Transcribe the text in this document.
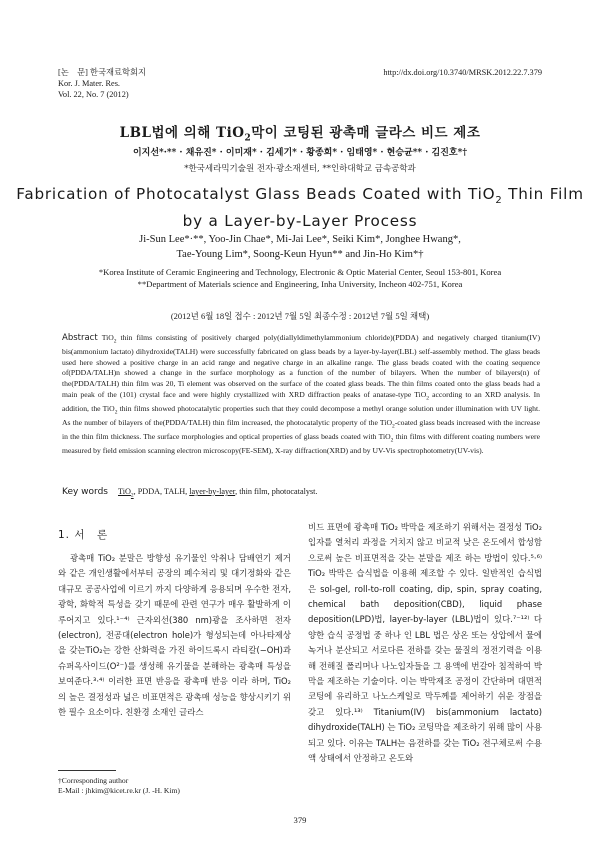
[논　문] 한국재료학회지
Kor. J. Mater. Res.
Vol. 22, No. 7 (2012)
http://dx.doi.org/10.3740/MRSK.2012.22.7.379
LBL법에 의해 TiO$_2$막이 코팅된 광촉매 글라스 비드 제조
이지선*·** · 채유진* · 이미재* · 김세기* · 황종희* · 임태영* · 현승균** · 김진호*†
*한국세라믹기술원 전자·광소재센터, **인하대학교 금속공학과
Fabrication of Photocatalyst Glass Beads Coated with TiO$_2$ Thin Film
by a Layer-by-Layer Process
Ji-Sun Lee*·**, Yoo-Jin Chae*, Mi-Jai Lee*, Seiki Kim*, Jonghee Hwang*,
Tae-Young Lim*, Soong-Keun Hyun** and Jin-Ho Kim*†
*Korea Institute of Ceramic Engineering and Technology, Electronic & Optic Material Center, Seoul 153-801, Korea
**Department of Materials science and Engineering, Inha University, Incheon 402-751, Korea
(2012년 6월 18일 접수 : 2012년 7월 5일 최종수정 : 2012년 7월 5일 채택)
Abstract TiO$_2$ thin films consisting of positively charged poly(diallyldimethylammonium chloride)(PDDA) and negatively charged titanium(IV) bis(ammonium lactato) dihydroxide(TALH) were successfully fabricated on glass beads by a layer-by-layer(LBL) self-assembly method. The glass beads used here showed a positive charge in an acid range and negative charge in an alkaline range. The glass beads coated with the coating sequence of(PDDA/TALH)n showed a change in the surface morphology as a function of the number of bilayers. When the number of bilayers(n) of the(PDDA/TALH) thin film was 20, Ti element was observed on the surface of the coated glass beads. The thin films coated onto the glass beads had a main peak of the (101) crystal face and were highly crystallized with XRD diffraction peaks of anatase-type TiO$_2$ according to an XRD analysis. In addition, the TiO$_2$ thin films showed photocatalytic properties such that they could decompose a methyl orange solution under illumination with UV light. As the number of bilayers of the(PDDA/TALH) thin film increased, the photocatalytic property of the TiO$_2$-coated glass beads increased with the increase in the thin film thickness. The surface morphologies and optical properties of glass beads coated with TiO$_2$ thin films with different coating numbers were measured by field emission scanning electron microscopy(FE-SEM), X-ray diffraction(XRD) and by UV-Vis spectrophotometry(UV-vis).
Key words TiO$_2$, PDDA, TALH, layer-by-layer, thin film, photocatalyst.
1. 서　론

광촉매 TiO₂ 분말은 방향성 유기물인 악취나 담배연기 제거와 같은 개인생활에서부터 공장의 폐수처리 및 대기정화와 같은 대규모 공공사업에 이르기 까지 다양하게 응용되며 우수한 전자, 광학, 화학적 특성을 갖기 때문에 관련 연구가 매우 활발하게 이루어지고 있다.¹⁻⁴⁾ 근자외선(380 nm)광을 조사하면 전자(electron), 전공대(electron hole)가 형성되는데 아나타제상을 갖는TiO₂는 강한 산화력을 가진 하이드록시 라티칼(−OH)과 슈퍼옥사이드(O²⁻)를 생성해 유기물을 분해하는 광촉매 특성을 보여준다.³·⁴⁾ 이러한 표면 반응을 광촉매 반응 이라 하며, TiO₂의 높은 결정성과 넓은 비표면적은 광촉매 성능을 향상시키기 위한 필수 요소이다. 친환경 소재인 글라스

비드 표면에 광촉매 TiO₂ 박막을 제조하기 위해서는 결정성 TiO₂ 입자를 열처리 과정을 거치지 않고 비교적 낮은 온도에서 합성함으로써 높은 비표면적을 갖는 분말을 제조 하는 방법이 있다.⁵·⁶⁾ TiO₂ 박막은 습식법을 이용해 제조할 수 있다. 일반적인 습식법은 sol-gel, roll-to-roll coating, dip, spin, spray coating, chemical bath deposition(CBD), liquid phase deposition(LPD)법, layer-by-layer (LBL)법이 있다.⁷⁻¹²⁾ 다양한 습식 공정법 중 하나 인 LBL 법은 상온 또는 상압에서 물에 녹거나 분산되고 서로다른 전하를 갖는 물질의 정전기력을 이용해 전해질 폴리머나 나노입자들을 그 용액에 번갈아 침적하여 박막을 제조하는 기술이다. 이는 박막제조 공정이 간단하며 대면적 코팅에 유리하고 나노스케일로 막두께를 제어하기 쉬운 장점을 갖고 있다.¹³⁾ Titanium(IV) bis(ammonium lactato) dihydroxide(TALH) 는 TiO₂ 코팅막을 제조하기 위해 많이 사용되고 있다. 이유는 TALH는 음전하를 갖는 TiO₂ 전구체로써 수용액 상태에서 안정하고 온도와

†Corresponding author
E-Mail : jhkim@kicet.re.kr (J. -H. Kim)
379
